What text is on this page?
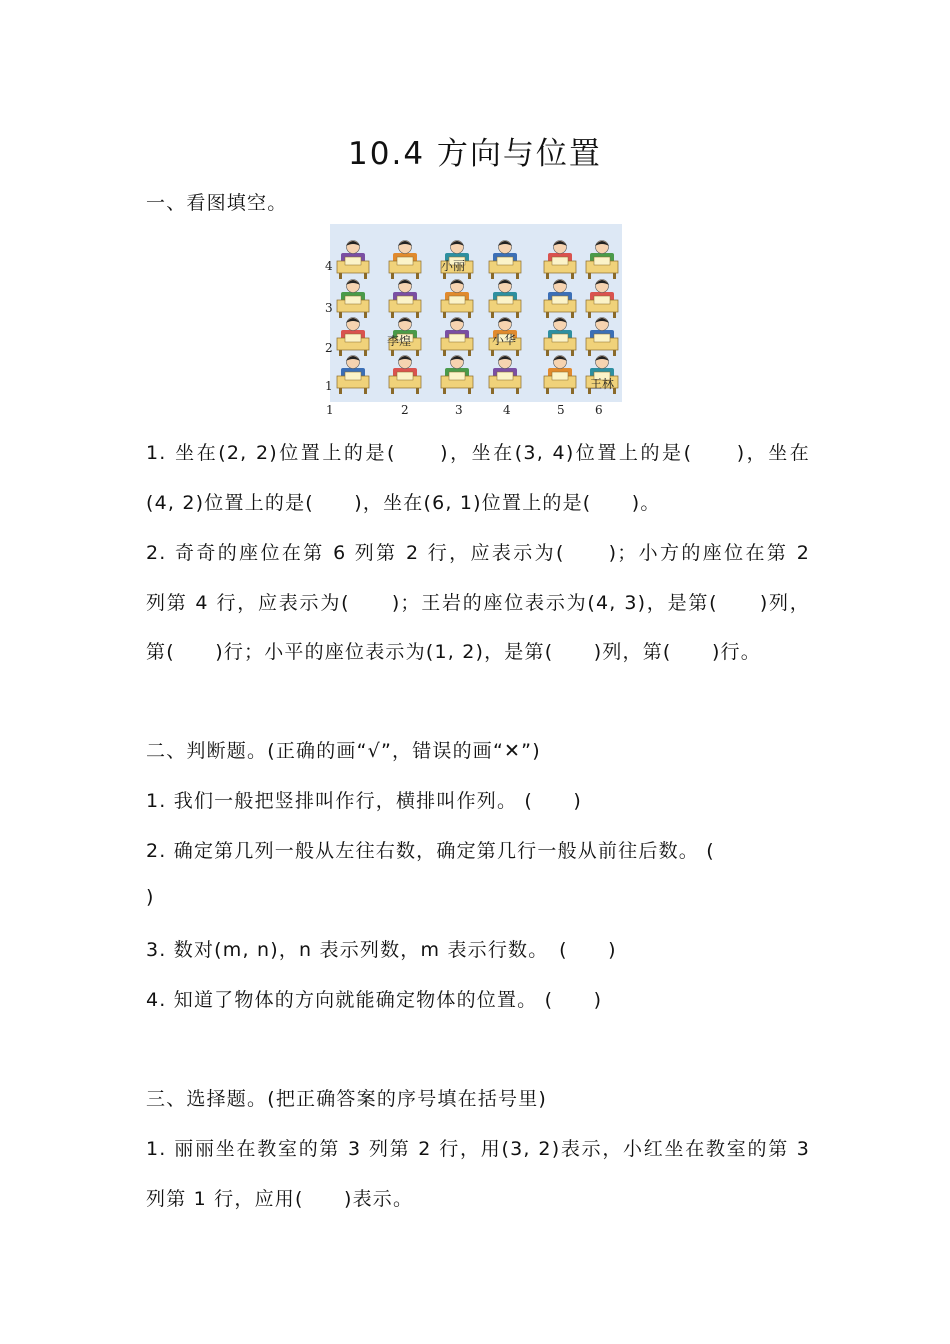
10.4 方向与位置
一、看图填空。
小丽
李煌	小华
王林
4
3
2
1
1	2	3	4	5	6
1. 坐在(2, 2)位置上的是(　　)，坐在(3, 4)位置上的是(　　)，坐在
(4, 2)位置上的是(　　)，坐在(6, 1)位置上的是(　　)。
2. 奇奇的座位在第 6 列第 2 行，应表示为(　　)；小方的座位在第 2
列第 4 行，应表示为(　　)；王岩的座位表示为(4, 3)，是第(　　)列，
第(　　)行；小平的座位表示为(1, 2)，是第(　　)列，第(　　)行。
二、判断题。(正确的画“√”，错误的画“✕”)
1. 我们一般把竖排叫作行，横排叫作列。 (　　)
2. 确定第几列一般从左往右数，确定第几行一般从前往后数。 (
)
3. 数对(m, n)，n 表示列数，m 表示行数。　(　　)
4. 知道了物体的方向就能确定物体的位置。 (　　)
三、选择题。(把正确答案的序号填在括号里)
1. 丽丽坐在教室的第 3 列第 2 行，用(3, 2)表示，小红坐在教室的第 3
列第 1 行，应用(　　)表示。
